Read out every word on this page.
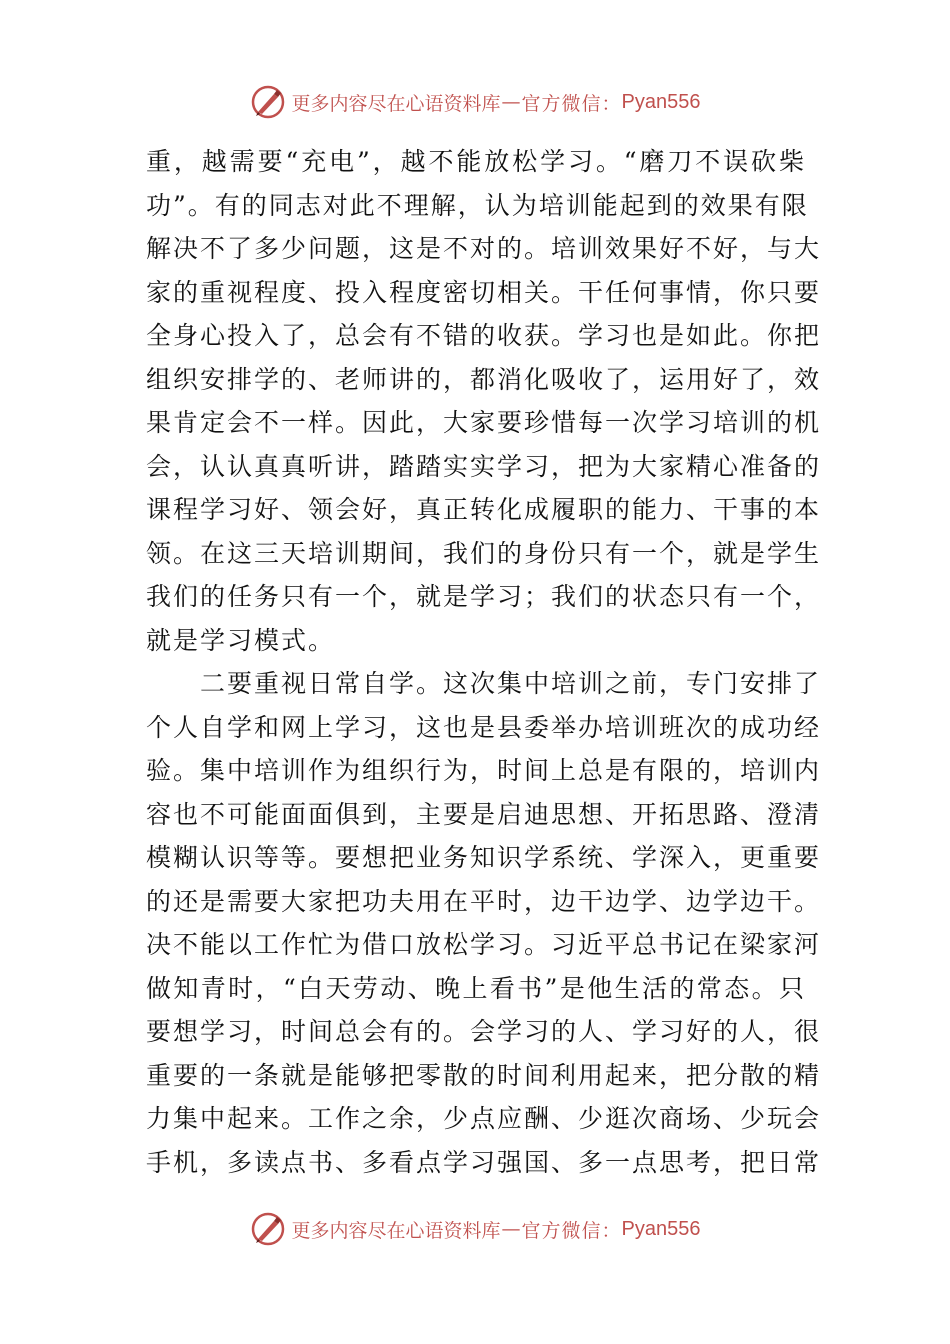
更多内容尽在心语资料库 — 官方微信： Pyan556
重，越需要“充电”，越不能放松学习。“磨刀不误砍柴
功”。有的同志对此不理解，认为培训能起到的效果有限
解决不了多少问题，这是不对的。培训效果好不好，与大
家的重视程度、投入程度密切相关。干任何事情，你只要
全身心投入了，总会有不错的收获。学习也是如此。你把
组织安排学的、老师讲的，都消化吸收了，运用好了，效
果肯定会不一样。因此，大家要珍惜每一次学习培训的机
会，认认真真听讲，踏踏实实学习，把为大家精心准备的
课程学习好、领会好，真正转化成履职的能力、干事的本
领。在这三天培训期间，我们的身份只有一个，就是学生
我们的任务只有一个，就是学习；我们的状态只有一个，
就是学习模式。
二要重视日常自学。这次集中培训之前，专门安排了
个人自学和网上学习，这也是县委举办培训班次的成功经
验。集中培训作为组织行为，时间上总是有限的，培训内
容也不可能面面俱到，主要是启迪思想、开拓思路、澄清
模糊认识等等。要想把业务知识学系统、学深入，更重要
的还是需要大家把功夫用在平时，边干边学、边学边干。
决不能以工作忙为借口放松学习。习近平总书记在梁家河
做知青时，“白天劳动、晚上看书”是他生活的常态。只
要想学习，时间总会有的。会学习的人、学习好的人，很
重要的一条就是能够把零散的时间利用起来，把分散的精
力集中起来。工作之余，少点应酬、少逛次商场、少玩会
手机，多读点书、多看点学习强国、多一点思考，把日常
更多内容尽在心语资料库 — 官方微信： Pyan556
